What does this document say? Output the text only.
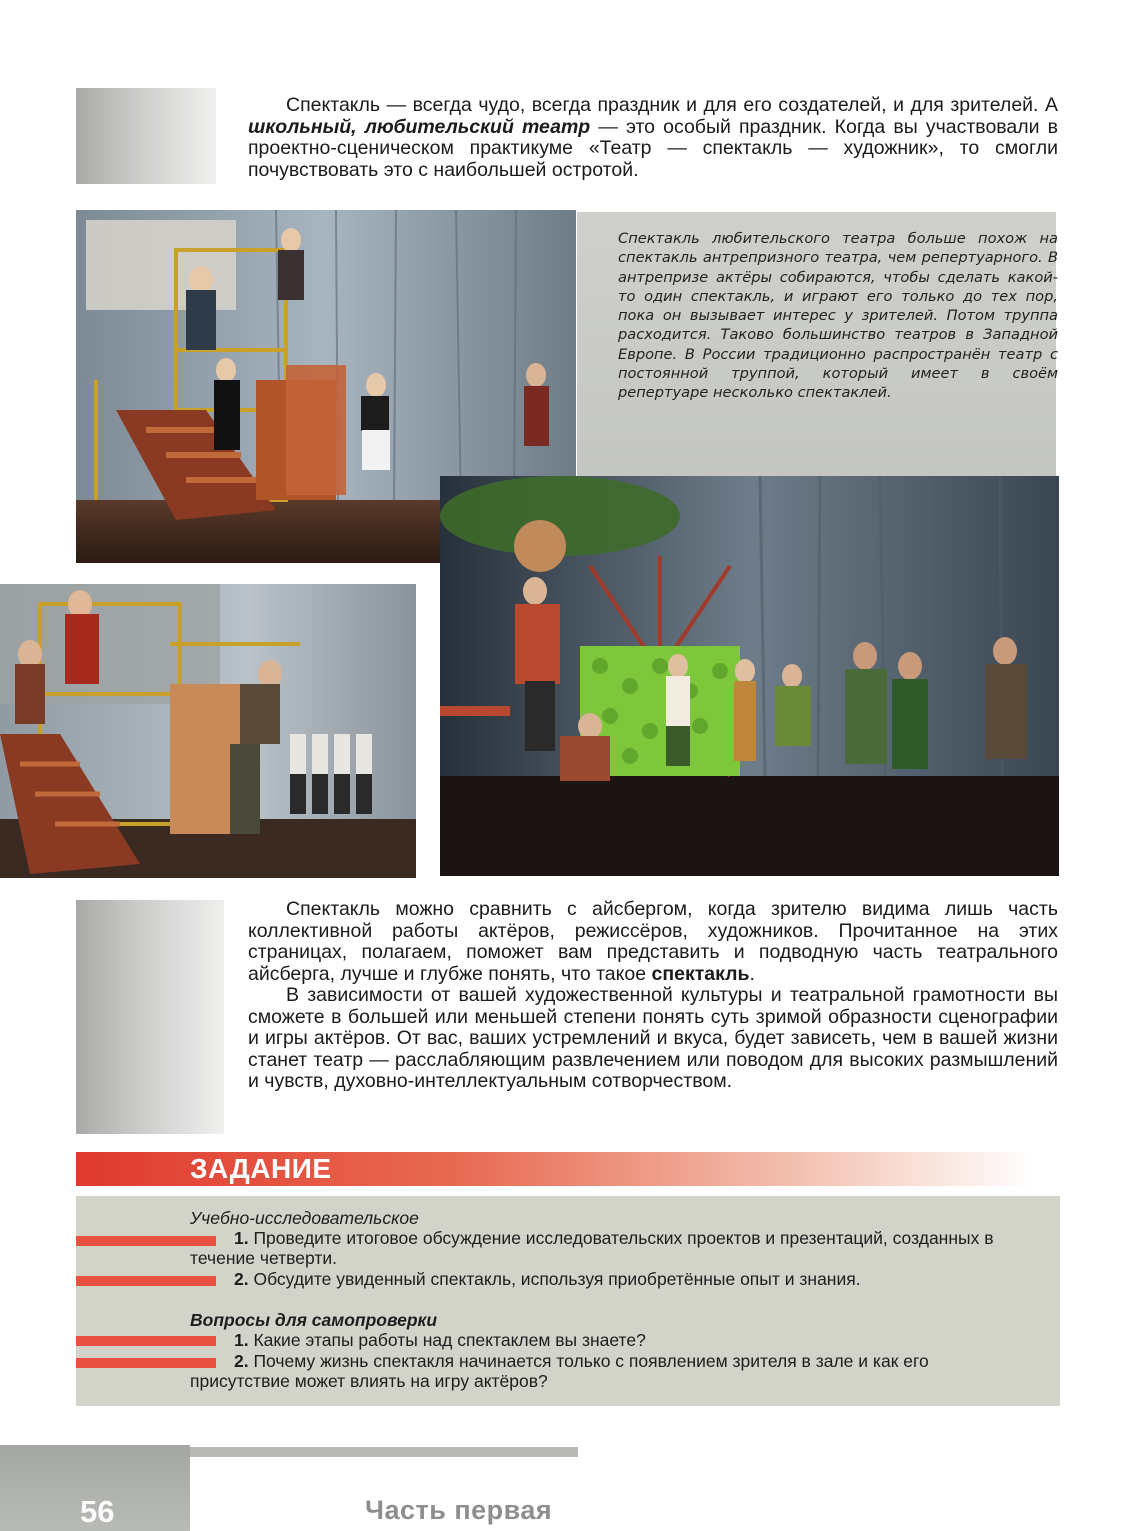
Спектакль — всегда чудо, всегда праздник и для его создателей, и для зрителей. А школьный, любительский театр — это особый праздник. Когда вы участвовали в проектно-сценическом практикуме «Театр — спектакль — художник», то смогли почувствовать это с наибольшей остротой.

Спектакль любительского театра больше похож на спектакль антрепризного театра, чем репертуарного. В антрепризе актёры собираются, чтобы сделать какой-то один спектакль, и играют его только до тех пор, пока он вызывает интерес у зрителей. Потом труппа расходится. Таково большинство театров в Западной Европе. В России традиционно распространён театр с постоянной труппой, который имеет в своём репертуаре несколько спектаклей.

Спектакль можно сравнить с айсбергом, когда зрителю видима лишь часть коллективной работы актёров, режиссёров, художников. Прочитанное на этих страницах, полагаем, поможет вам представить и подводную часть театрального айсберга, лучше и глубже понять, что такое спектакль.

В зависимости от вашей художественной культуры и театральной грамотности вы сможете в большей или меньшей степени понять суть зримой образности сценографии и игры актёров. От вас, ваших устремлений и вкуса, будет зависеть, чем в вашей жизни станет театр — расслабляющим развлечением или поводом для высоких размышлений и чувств, духовно-интеллектуальным сотворчеством.

ЗАДАНИЕ

Учебно-исследовательское

1. Проведите итоговое обсуждение исследовательских проектов и презентаций, созданных в течение четверти.

2. Обсудите увиденный спектакль, используя приобретённые опыт и знания.

Вопросы для самопроверки

1. Какие этапы работы над спектаклем вы знаете?

2. Почему жизнь спектакля начинается только с появлением зрителя в зале и как его присутствие может влиять на игру актёров?

56	Часть первая
